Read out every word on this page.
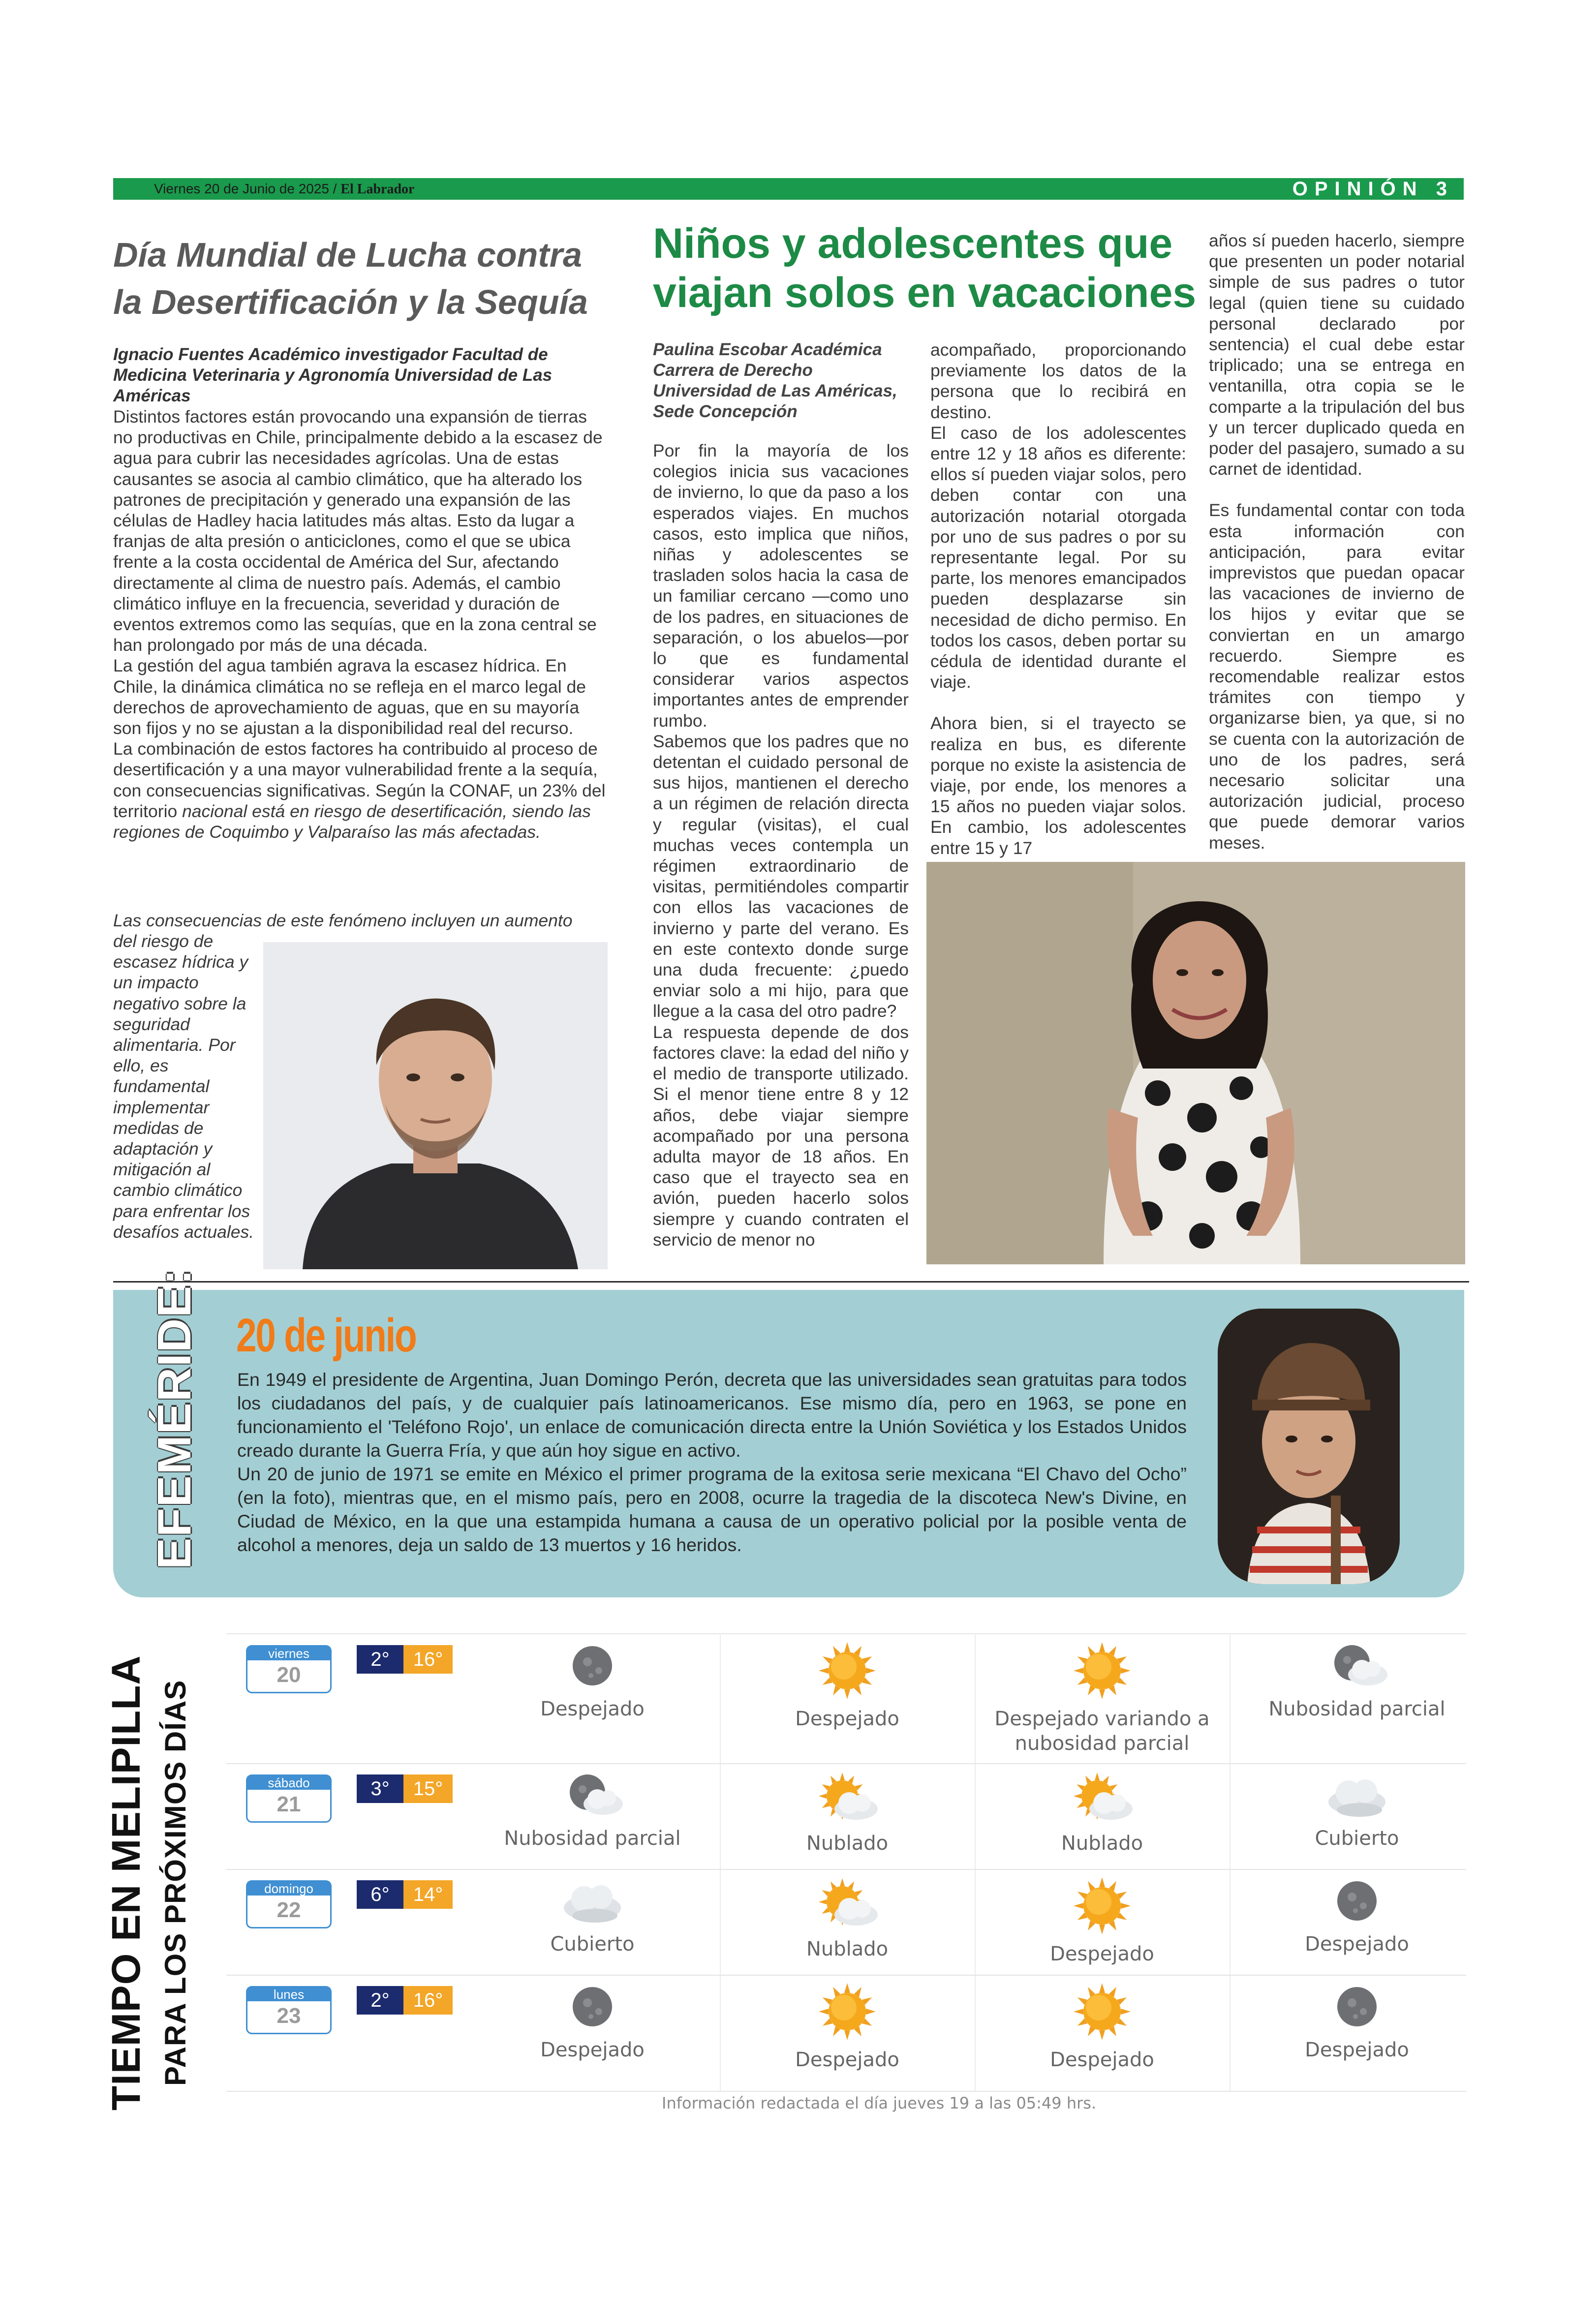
Viernes 20 de Junio de 2025 / El Labrador	OPINIÓN 3
Día Mundial de Lucha contra la Desertificación y la Sequía
Ignacio Fuentes Académico investigador Facultad de Medicina Veterinaria y Agronomía Universidad de Las Américas

Distintos factores están provocando una expansión de tierras no productivas en Chile, principalmente debido a la escasez de agua para cubrir las necesidades agrícolas. Una de estas causantes se asocia al cambio climático, que ha alterado los patrones de precipitación y generado una expansión de las células de Hadley hacia latitudes más altas. Esto da lugar a franjas de alta presión o anticiclones, como el que se ubica frente a la costa occidental de América del Sur, afectando directamente al clima de nuestro país. Además, el cambio climático influye en la frecuencia, severidad y duración de eventos extremos como las sequías, que en la zona central se han prolongado por más de una década.

La gestión del agua también agrava la escasez hídrica. En Chile, la dinámica climática no se refleja en el marco legal de derechos de aprovechamiento de aguas, que en su mayoría son fijos y no se ajustan a la disponibilidad real del recurso.

La combinación de estos factores ha contribuido al proceso de desertificación y a una mayor vulnerabilidad frente a la sequía, con consecuencias significativas. Según la CONAF, un 23% del territorio nacional está en riesgo de desertificación, siendo las regiones de Coquimbo y Valparaíso las más afectadas.

Las consecuencias de este fenómeno incluyen un aumento
del riesgo de escasez hídrica y un impacto negativo sobre la seguridad alimentaria. Por ello, es fundamental implementar medidas de adaptación y mitigación al cambio climático para enfrentar los desafíos actuales.
Niños y adolescentes que viajan solos en vacaciones
Paulina Escobar Académica Carrera de Derecho Universidad de Las Américas, Sede Concepción

Por fin la mayoría de los colegios inicia sus vacaciones de invierno, lo que da paso a los esperados viajes. En muchos casos, esto implica que niños, niñas y adolescentes se trasladen solos hacia la casa de un familiar cercano —como uno de los padres, en situaciones de separación, o los abuelos—por lo que es fundamental considerar varios aspectos importantes antes de emprender rumbo.

Sabemos que los padres que no detentan el cuidado personal de sus hijos, mantienen el derecho a un régimen de relación directa y regular (visitas), el cual muchas veces contempla un régimen extraordinario de visitas, permitiéndoles compartir con ellos las vacaciones de invierno y parte del verano. Es en este contexto donde surge una duda frecuente: ¿puedo enviar solo a mi hijo, para que llegue a la casa del otro padre?

La respuesta depende de dos factores clave: la edad del niño y el medio de transporte utilizado. Si el menor tiene entre 8 y 12 años, debe viajar siempre acompañado por una persona adulta mayor de 18 años. En caso que el trayecto sea en avión, pueden hacerlo solos siempre y cuando contraten el servicio de menor no

acompañado, proporcionando previamente los datos de la persona que lo recibirá en destino.

El caso de los adolescentes entre 12 y 18 años es diferente: ellos sí pueden viajar solos, pero deben contar con una autorización notarial otorgada por uno de sus padres o por su representante legal. Por su parte, los menores emancipados pueden desplazarse sin necesidad de dicho permiso. En todos los casos, deben portar su cédula de identidad durante el viaje.

Ahora bien, si el trayecto se realiza en bus, es diferente porque no existe la asistencia de viaje, por ende, los menores a 15 años no pueden viajar solos. En cambio, los adolescentes entre 15 y 17

años sí pueden hacerlo, siempre que presenten un poder notarial simple de sus padres o tutor legal (quien tiene su cuidado personal declarado por sentencia) el cual debe estar triplicado; una se entrega en ventanilla, otra copia se le comparte a la tripulación del bus y un tercer duplicado queda en poder del pasajero, sumado a su carnet de identidad.

Es fundamental contar con toda esta información con anticipación, para evitar imprevistos que puedan opacar las vacaciones de invierno de los hijos y evitar que se conviertan en un amargo recuerdo. Siempre es recomendable realizar estos trámites con tiempo y organizarse bien, ya que, si no se cuenta con la autorización de uno de los padres, será necesario solicitar una autorización judicial, proceso que puede demorar varios meses.

EFEMÉRIDE: 20 de junio

En 1949 el presidente de Argentina, Juan Domingo Perón, decreta que las universidades sean gratuitas para todos los ciudadanos del país, y de cualquier país latinoamericanos. Ese mismo día, pero en 1963, se pone en funcionamiento el 'Teléfono Rojo', un enlace de comunicación directa entre la Unión Soviética y los Estados Unidos creado durante la Guerra Fría, y que aún hoy sigue en activo.

Un 20 de junio de 1971 se emite en México el primer programa de la exitosa serie mexicana “El Chavo del Ocho” (en la foto), mientras que, en el mismo país, pero en 2008, ocurre la tragedia de la discoteca New's Divine, en Ciudad de México, en la que una estampida humana a causa de un operativo policial por la posible venta de alcohol a menores, deja un saldo de 13 muertos y 16 heridos.

TIEMPO EN MELIPILLA PARA LOS PRÓXIMOS DÍAS
viernes
20
2°	16°
Despejado	Despejado	Despejado variando a nubosidad parcial
Nubosidad parcial
sábado
21
3°	15°
Nubosidad parcial	Nublado	Nublado	Cubierto
domingo
22
6°	14°
Cubierto	Nublado	Despejado	Despejado
lunes
23
2°	16°
Despejado	Despejado	Despejado	Despejado
Información redactada el día jueves 19 a las 05:49 hrs.
